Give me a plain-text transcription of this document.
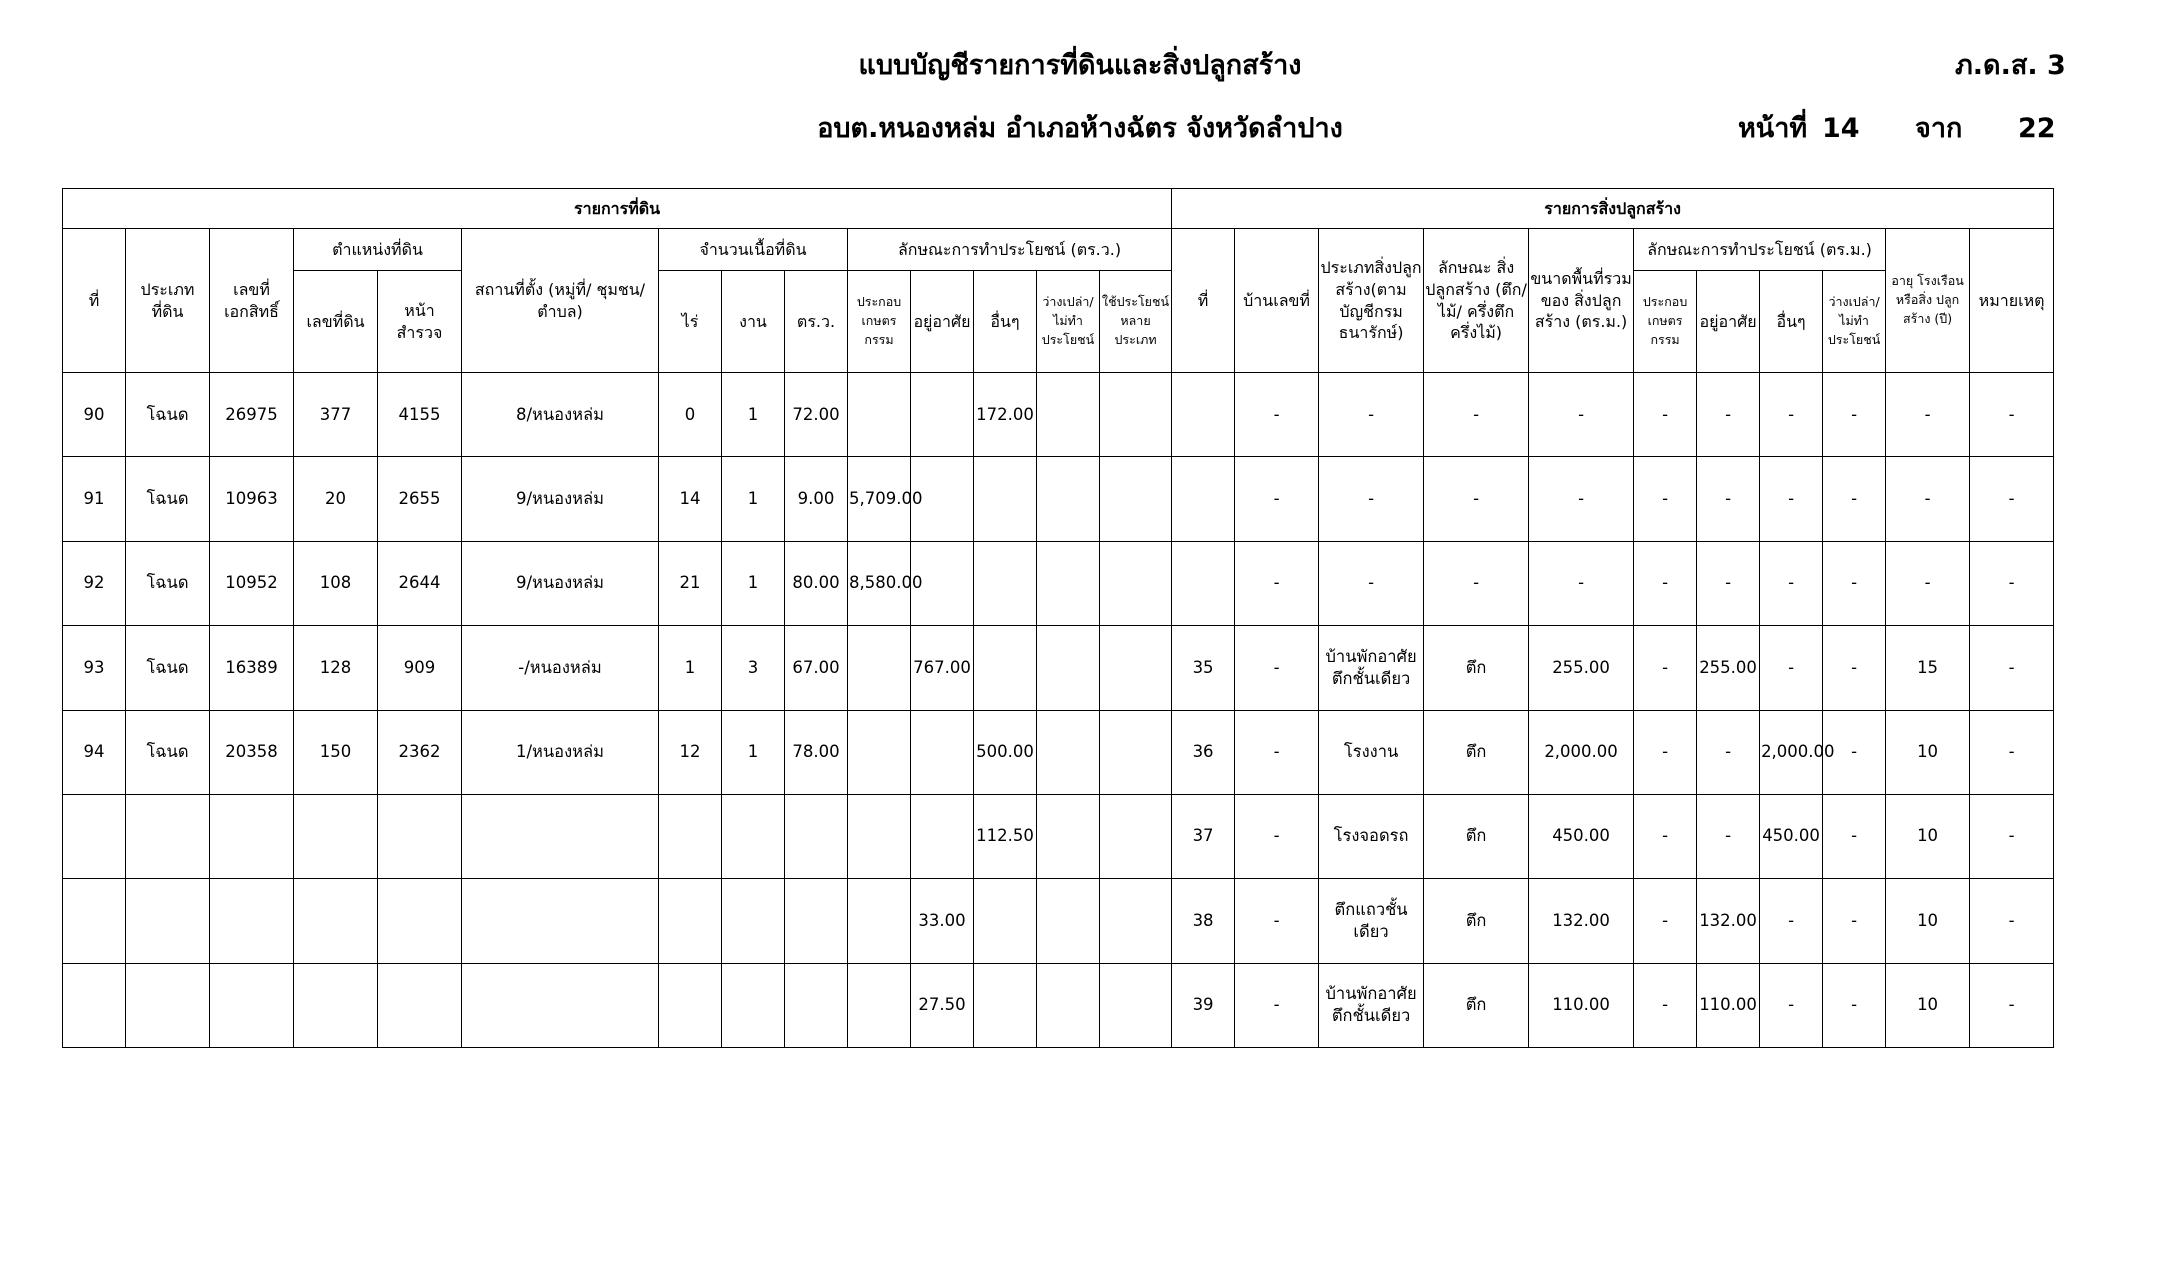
แบบบัญชีรายการที่ดินและสิ่งปลูกสร้าง
อบต.หนองหล่ม อำเภอห้างฉัตร จังหวัดลำปาง
ภ.ด.ส. 3
หน้าที่ 14 จาก 22
รายการที่ดิน														รายการสิ่งปลูกสร้าง										
ที่	ประเภท ที่ดิน	เลขที่ เอกสิทธิ์	ตำแหน่งที่ดิน		สถานที่ตั้ง (หมู่ที่/ ชุมชน/ ตำบล)	จำนวนเนื้อที่ดิน			ลักษณะการทำประโยชน์ (ตร.ว.)					ที่	บ้านเลขที่	ประเภทสิ่งปลูกสร้าง(ตามบัญชีกรมธนารักษ์)	ลักษณะ สิ่งปลูกสร้าง (ตึก/ไม้/ ครึ่งตึกครึ่งไม้)	ขนาดพื้นที่รวม ของ สิ่งปลูกสร้าง (ตร.ม.)	ลักษณะการทำประโยชน์ (ตร.ม.)				อายุ โรงเรือน หรือสิ่ง ปลูกสร้าง (ปี)	หมายเหตุ
			เลขที่ดิน	หน้า สำรวจ		ไร่	งาน	ตร.ว.	ประกอบ เกษตร กรรม	อยู่อาศัย	อื่นๆ	ว่างเปล่า/ ไม่ทำ ประโยชน์	ใช้ประโยชน์ หลาย ประเภท						ประกอบ เกษตร กรรม	อยู่อาศัย	อื่นๆ	ว่างเปล่า/ ไม่ทำ ประโยชน์		
90	โฉนด	26975	377	4155	8/หนองหล่ม	0	1	72.00			172.00				-	-	-	-	-	-	-	-	-	-
91	โฉนด	10963	20	2655	9/หนองหล่ม	14	1	9.00	5,709.00						-	-	-	-	-	-	-	-	-	-
92	โฉนด	10952	108	2644	9/หนองหล่ม	21	1	80.00	8,580.00						-	-	-	-	-	-	-	-	-	-
93	โฉนด	16389	128	909	-/หนองหล่ม	1	3	67.00		767.00				35	-	บ้านพักอาศัยตึกชั้นเดียว	ตึก	255.00	-	255.00	-	-	15	-
94	โฉนด	20358	150	2362	1/หนองหล่ม	12	1	78.00			500.00			36	-	โรงงาน	ตึก	2,000.00	-	-	2,000.00	-	10	-
											112.50			37	-	โรงจอดรถ	ตึก	450.00	-	-	450.00	-	10	-
										33.00				38	-	ตึกแถวชั้นเดียว	ตึก	132.00	-	132.00	-	-	10	-
										27.50				39	-	บ้านพักอาศัยตึกชั้นเดียว	ตึก	110.00	-	110.00	-	-	10	-
